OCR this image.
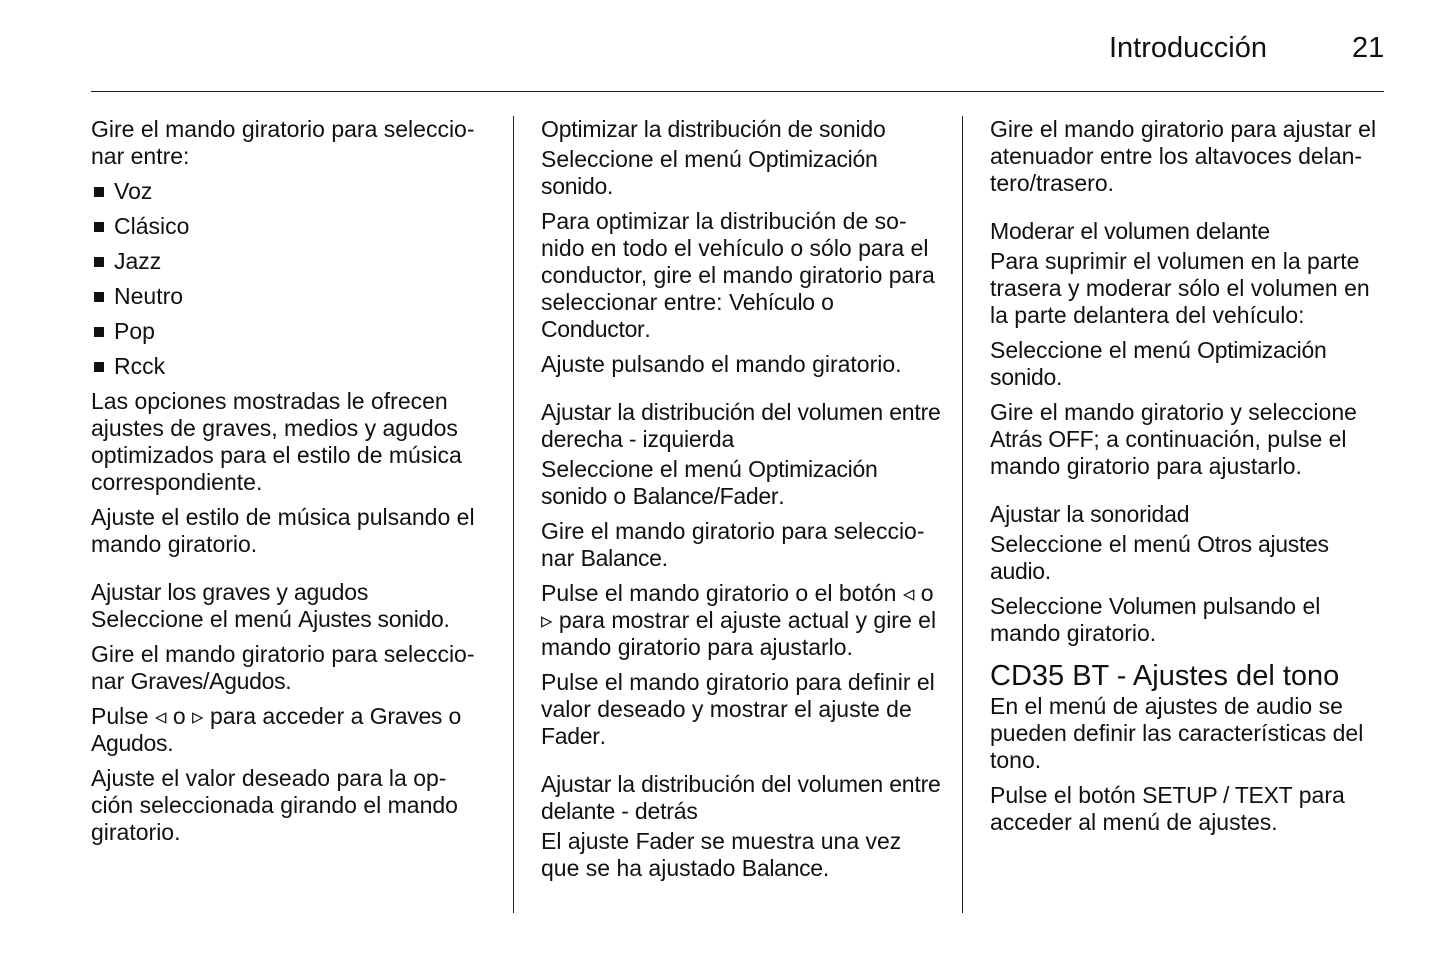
Introducción	21

Gire el mando giratorio para seleccio- nar entre:

Voz
Clásico
Jazz
Neutro
Pop
Rcck

Las opciones mostradas le ofrecen ajustes de graves, medios y agudos optimizados para el estilo de música correspondiente.

Ajuste el estilo de música pulsando el mando giratorio.

Ajustar los graves y agudos

Seleccione el menú Ajustes sonido.

Gire el mando giratorio para seleccio- nar Graves/Agudos.

Pulse ◃ o ▹ para acceder a Graves o Agudos.

Ajuste el valor deseado para la op- ción seleccionada girando el mando giratorio.

Optimizar la distribución de sonido

Seleccione el menú Optimización sonido.

Para optimizar la distribución de so- nido en todo el vehículo o sólo para el conductor, gire el mando giratorio para seleccionar entre: Vehículo o Conductor.

Ajuste pulsando el mando giratorio.

Ajustar la distribución del volumen entre derecha - izquierda

Seleccione el menú Optimización sonido o Balance/Fader.

Gire el mando giratorio para seleccio- nar Balance.

Pulse el mando giratorio o el botón ◃ o ▹ para mostrar el ajuste actual y gire el mando giratorio para ajustarlo.

Pulse el mando giratorio para definir el valor deseado y mostrar el ajuste de Fader.

Ajustar la distribución del volumen entre delante - detrás

El ajuste Fader se muestra una vez que se ha ajustado Balance.

Gire el mando giratorio para ajustar el atenuador entre los altavoces delan- tero/trasero.

Moderar el volumen delante

Para suprimir el volumen en la parte trasera y moderar sólo el volumen en la parte delantera del vehículo:

Seleccione el menú Optimización sonido.

Gire el mando giratorio y seleccione Atrás OFF; a continuación, pulse el mando giratorio para ajustarlo.

Ajustar la sonoridad

Seleccione el menú Otros ajustes audio.

Seleccione Volumen pulsando el mando giratorio.

CD35 BT - Ajustes del tono

En el menú de ajustes de audio se pueden definir las características del tono.

Pulse el botón SETUP / TEXT para acceder al menú de ajustes.
